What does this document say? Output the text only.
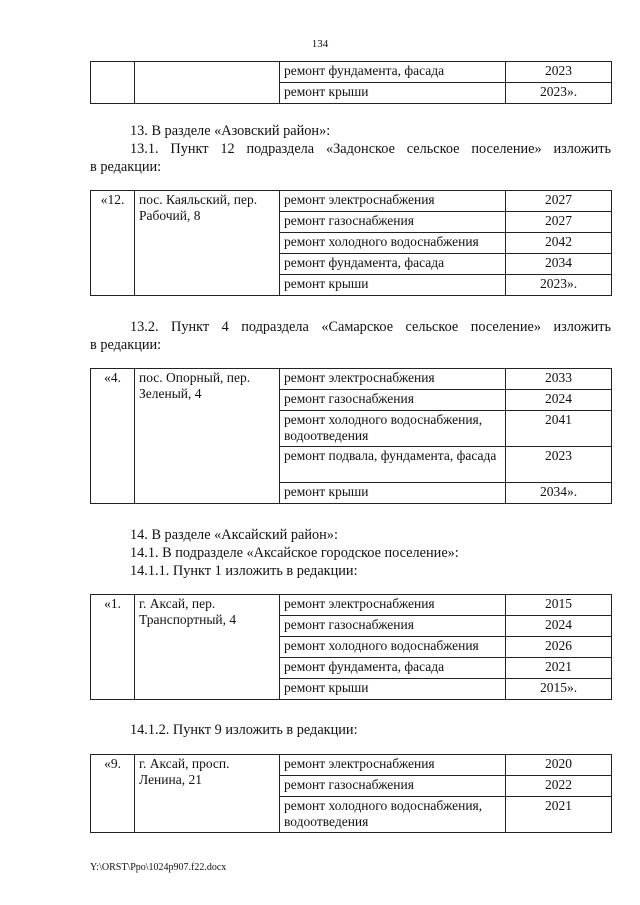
134
		ремонт фундамента, фасада	2023
		ремонт крыши	2023».

13. В разделе «Азовский район»:

13.1. Пункт 12 подраздела «Задонское сельское поселение» изложить

в редакции:

«12.	пос. Каяльский, пер. Рабочий, 8	ремонт электроснабжения	2027
		ремонт газоснабжения	2027
		ремонт холодного водоснабжения	2042
		ремонт фундамента, фасада	2034
		ремонт крыши	2023».

13.2. Пункт 4 подраздела «Самарское сельское поселение» изложить

в редакции:

«4.	пос. Опорный, пер. Зеленый, 4	ремонт электроснабжения	2033
		ремонт газоснабжения	2024
		ремонт холодного водоснабжения, водоотведения	2041
		ремонт подвала, фундамента, фасада	2023
		ремонт крыши	2034».

14. В разделе «Аксайский район»:

14.1. В подразделе «Аксайское городское поселение»:

14.1.1. Пункт 1 изложить в редакции:

«1.	г. Аксай, пер. Транспортный, 4	ремонт электроснабжения	2015
		ремонт газоснабжения	2024
		ремонт холодного водоснабжения	2026
		ремонт фундамента, фасада	2021
		ремонт крыши	2015».

14.1.2. Пункт 9 изложить в редакции:

«9.	г. Аксай, просп. Ленина, 21	ремонт электроснабжения	2020
		ремонт газоснабжения	2022
		ремонт холодного водоснабжения, водоотведения	2021
Y:\ORST\Ppo\1024p907.f22.docx
